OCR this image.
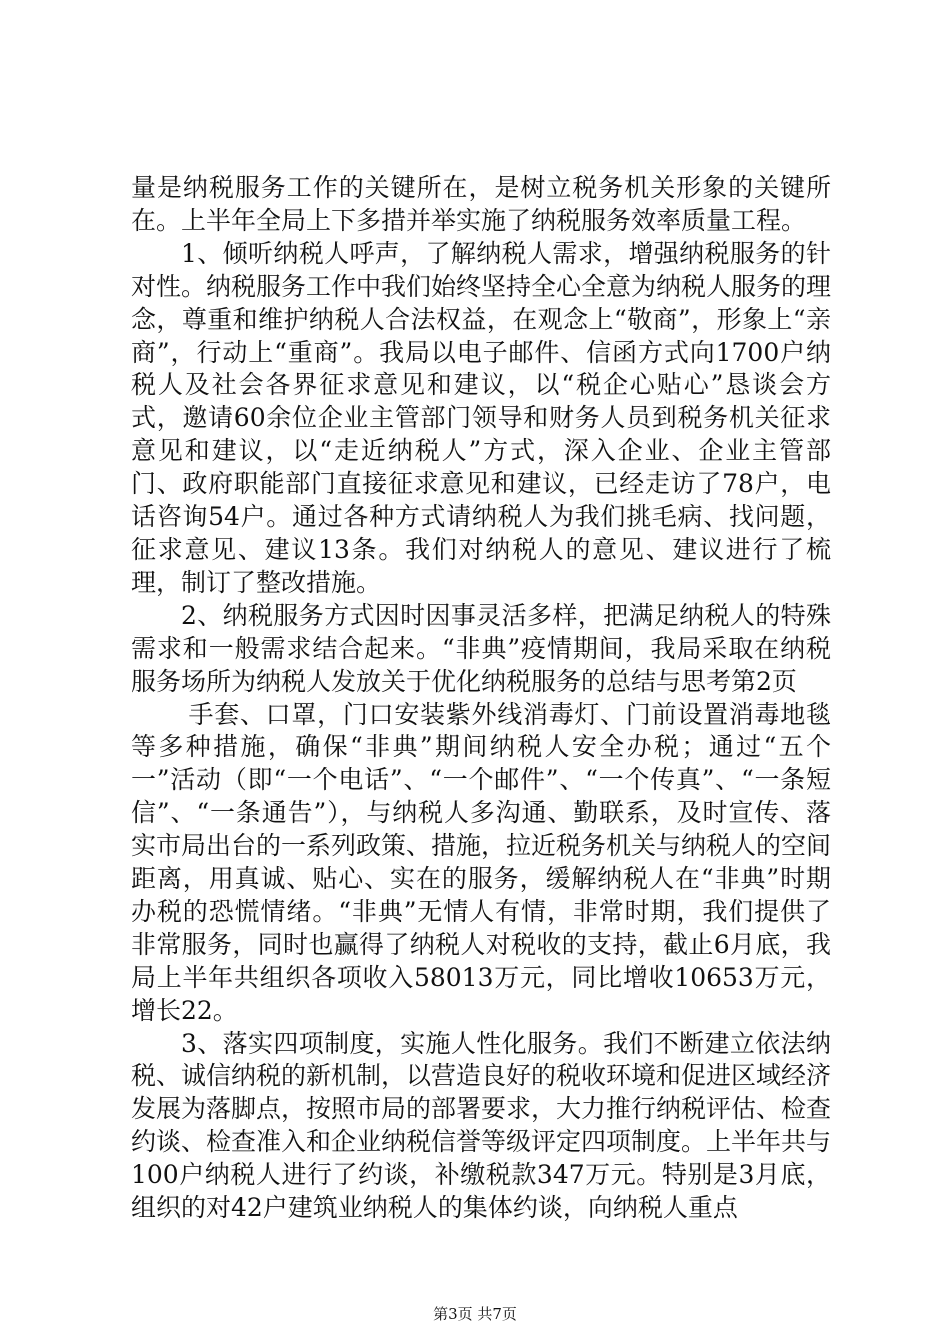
量是纳税服务工作的关键所在，是树立税务机关形象的关键所在。上半年全局上下多措并举实施了纳税服务效率质量工程。

1、倾听纳税人呼声，了解纳税人需求，增强纳税服务的针对性。纳税服务工作中我们始终坚持全心全意为纳税人服务的理念，尊重和维护纳税人合法权益，在观念上“敬商”，形象上“亲商”，行动上“重商”。我局以电子邮件、信函方式向1700户纳税人及社会各界征求意见和建议，以“税企心贴心”恳谈会方式，邀请60余位企业主管部门领导和财务人员到税务机关征求意见和建议，以“走近纳税人”方式，深入企业、企业主管部门、政府职能部门直接征求意见和建议，已经走访了78户，电话咨询54户。通过各种方式请纳税人为我们挑毛病、找问题，征求意见、建议13条。我们对纳税人的意见、建议进行了梳理，制订了整改措施。

2、纳税服务方式因时因事灵活多样，把满足纳税人的特殊需求和一般需求结合起来。“非典”疫情期间，我局采取在纳税服务场所为纳税人发放关于优化纳税服务的总结与思考第2页

手套、口罩，门口安装紫外线消毒灯、门前设置消毒地毯等多种措施，确保“非典”期间纳税人安全办税；通过“五个一”活动（即“一个电话”、“一个邮件”、“一个传真”、“一条短信”、“一条通告”），与纳税人多沟通、勤联系，及时宣传、落实市局出台的一系列政策、措施，拉近税务机关与纳税人的空间距离，用真诚、贴心、实在的服务，缓解纳税人在“非典”时期办税的恐慌情绪。“非典”无情人有情，非常时期，我们提供了非常服务，同时也赢得了纳税人对税收的支持，截止6月底，我局上半年共组织各项收入58013万元，同比增收10653万元，增长22。

3、落实四项制度，实施人性化服务。我们不断建立依法纳税、诚信纳税的新机制，以营造良好的税收环境和促进区域经济发展为落脚点，按照市局的部署要求，大力推行纳税评估、检查约谈、检查准入和企业纳税信誉等级评定四项制度。上半年共与100户纳税人进行了约谈，补缴税款347万元。特别是3月底，组织的对42户建筑业纳税人的集体约谈，向纳税人重点

第3页 共7页
